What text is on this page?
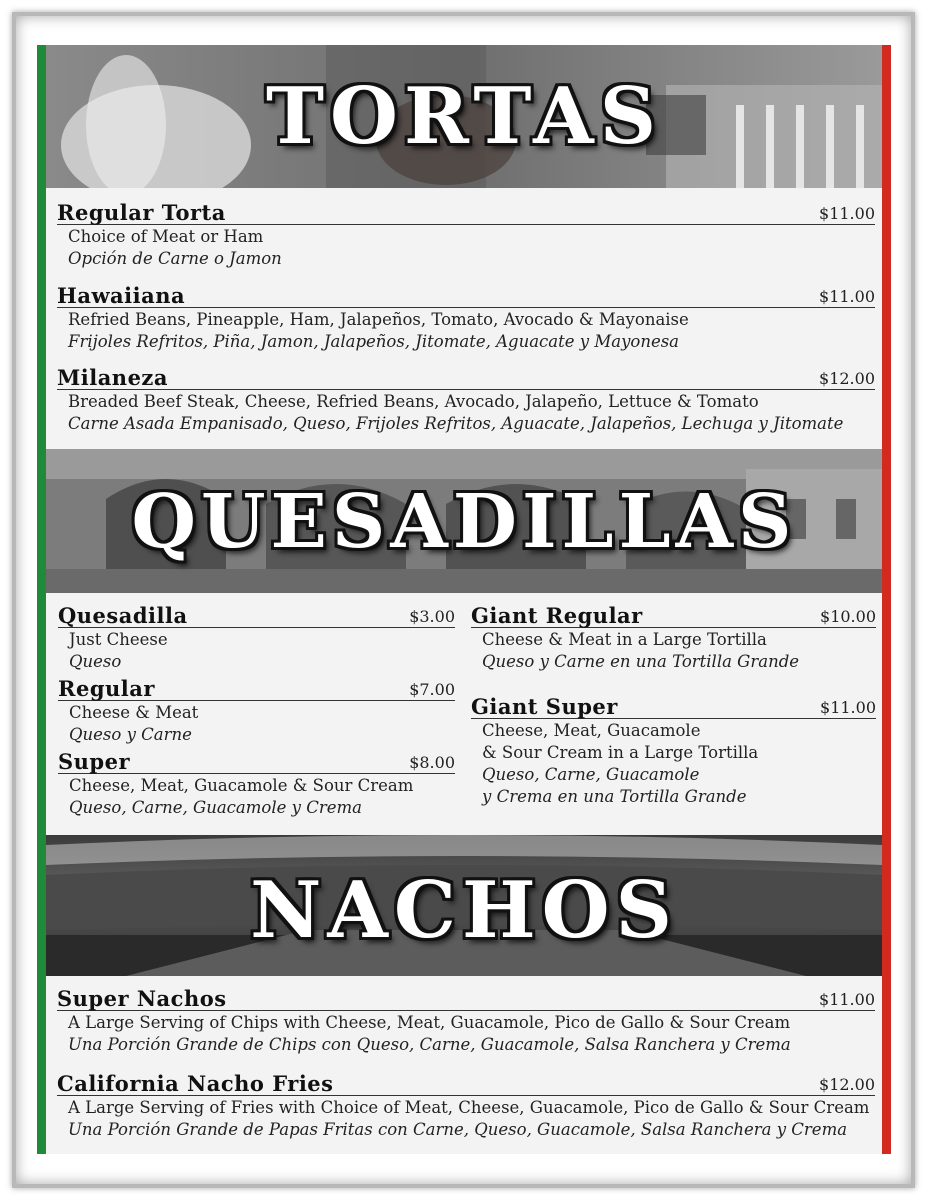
TORTAS
Regular Torta	$11.00
Choice of Meat or Ham
Opción de Carne o Jamon
Hawaiiana	$11.00
Refried Beans, Pineapple, Ham, Jalapeños, Tomato, Avocado & Mayonaise
Frijoles Refritos, Piña, Jamon, Jalapeños, Jitomate, Aguacate y Mayonesa
Milaneza	$12.00
Breaded Beef Steak, Cheese, Refried Beans, Avocado, Jalapeño, Lettuce & Tomato
Carne Asada Empanisado, Queso, Frijoles Refritos, Aguacate, Jalapeños, Lechuga y Jitomate
QUESADILLAS
Quesadilla	$3.00
Just Cheese
Queso
Regular	$7.00
Cheese & Meat
Queso y Carne
Super	$8.00
Cheese, Meat, Guacamole & Sour Cream
Queso, Carne, Guacamole y Crema
Giant Regular	$10.00
Cheese & Meat in a Large Tortilla
Queso y Carne en una Tortilla Grande
Giant Super	$11.00
Cheese, Meat, Guacamole
& Sour Cream in a Large Tortilla
Queso, Carne, Guacamole
y Crema en una Tortilla Grande
NACHOS
Super Nachos	$11.00
A Large Serving of Chips with Cheese, Meat, Guacamole, Pico de Gallo & Sour Cream
Una Porción Grande de Chips con Queso, Carne, Guacamole, Salsa Ranchera y Crema
California Nacho Fries	$12.00
A Large Serving of Fries with Choice of Meat, Cheese, Guacamole, Pico de Gallo & Sour Cream
Una Porción Grande de Papas Fritas con Carne, Queso, Guacamole, Salsa Ranchera y Crema
